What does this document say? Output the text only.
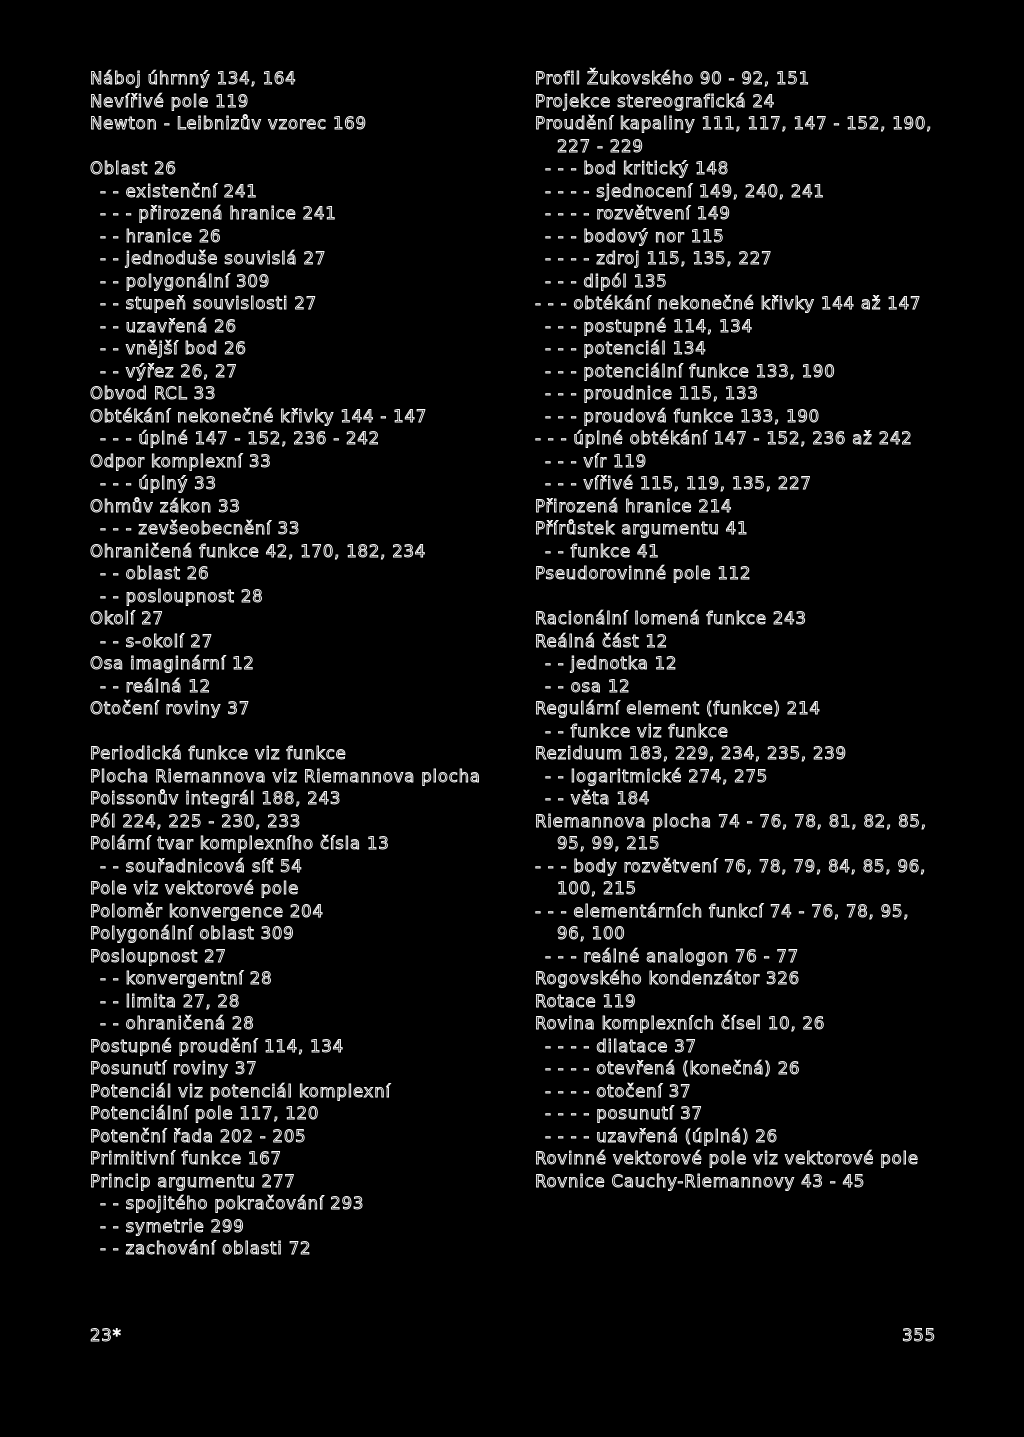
Náboj úhrnný 134, 164
Nevířivé pole 119
Newton - Leibnizův vzorec 169
Oblast 26
- - existenční 241
- - - přirozená hranice 241
- - hranice 26
- - jednoduše souvislá 27
- - polygonální 309
- - stupeň souvislosti 27
- - uzavřená 26
- - vnější bod 26
- - výřez 26, 27
Obvod RCL 33
Obtékání nekonečné křivky 144 - 147
- - - úplné 147 - 152, 236 - 242
Odpor komplexní 33
- - - úplný 33
Ohmův zákon 33
- - - zevšeobecnění 33
Ohraničená funkce 42, 170, 182, 234
- - oblast 26
- - posloupnost 28
Okolí 27
- - s-okolí 27
Osa imaginární 12
- - reálná 12
Otočení roviny 37
Periodická funkce viz funkce
Plocha Riemannova viz Riemannova plocha
Poissonův integrál 188, 243
Pól 224, 225 - 230, 233
Polární tvar komplexního čísla 13
- - souřadnicová síť 54
Pole viz vektorové pole
Poloměr konvergence 204
Polygonální oblast 309
Posloupnost 27
- - konvergentní 28
- - limita 27, 28
- - ohraničená 28
Postupné proudění 114, 134
Posunutí roviny 37
Potenciál viz potenciál komplexní
Potenciální pole 117, 120
Potenční řada 202 - 205
Primitivní funkce 167
Princip argumentu 277
- - spojitého pokračování 293
- - symetrie 299
- - zachování oblasti 72
Profil Žukovského 90 - 92, 151
Projekce stereografická 24
Proudění kapaliny 111, 117, 147 - 152, 190, 227 - 229
- - - bod kritický 148
- - - - sjednocení 149, 240, 241
- - - - rozvětvení 149
- - - bodový nor 115
- - - - zdroj 115, 135, 227
- - - dipól 135
- - - obtékání nekonečné křivky 144 až 147
- - - postupné 114, 134
- - - potenciál 134
- - - potenciální funkce 133, 190
- - - proudnice 115, 133
- - - proudová funkce 133, 190
- - - úplné obtékání 147 - 152, 236 až 242
- - - vír 119
- - - vířivé 115, 119, 135, 227
Přirozená hranice 214
Přírůstek argumentu 41
- - funkce 41
Pseudorovinné pole 112
Racionální lomená funkce 243
Reálná část 12
- - jednotka 12
- - osa 12
Regulární element (funkce) 214
- - funkce viz funkce
Reziduum 183, 229, 234, 235, 239
- - logaritmické 274, 275
- - věta 184
Riemannova plocha 74 - 76, 78, 81, 82, 85, 95, 99, 215
- - - body rozvětvení 76, 78, 79, 84, 85, 96, 100, 215
- - - elementárních funkcí 74 - 76, 78, 95, 96, 100
- - - reálné analogon 76 - 77
Rogovského kondenzátor 326
Rotace 119
Rovina komplexních čísel 10, 26
- - - - dilatace 37
- - - - otevřená (konečná) 26
- - - - otočení 37
- - - - posunutí 37
- - - - uzavřená (úplná) 26
Rovinné vektorové pole viz vektorové pole
Rovnice Cauchy-Riemannovy 43 - 45
23*	355
